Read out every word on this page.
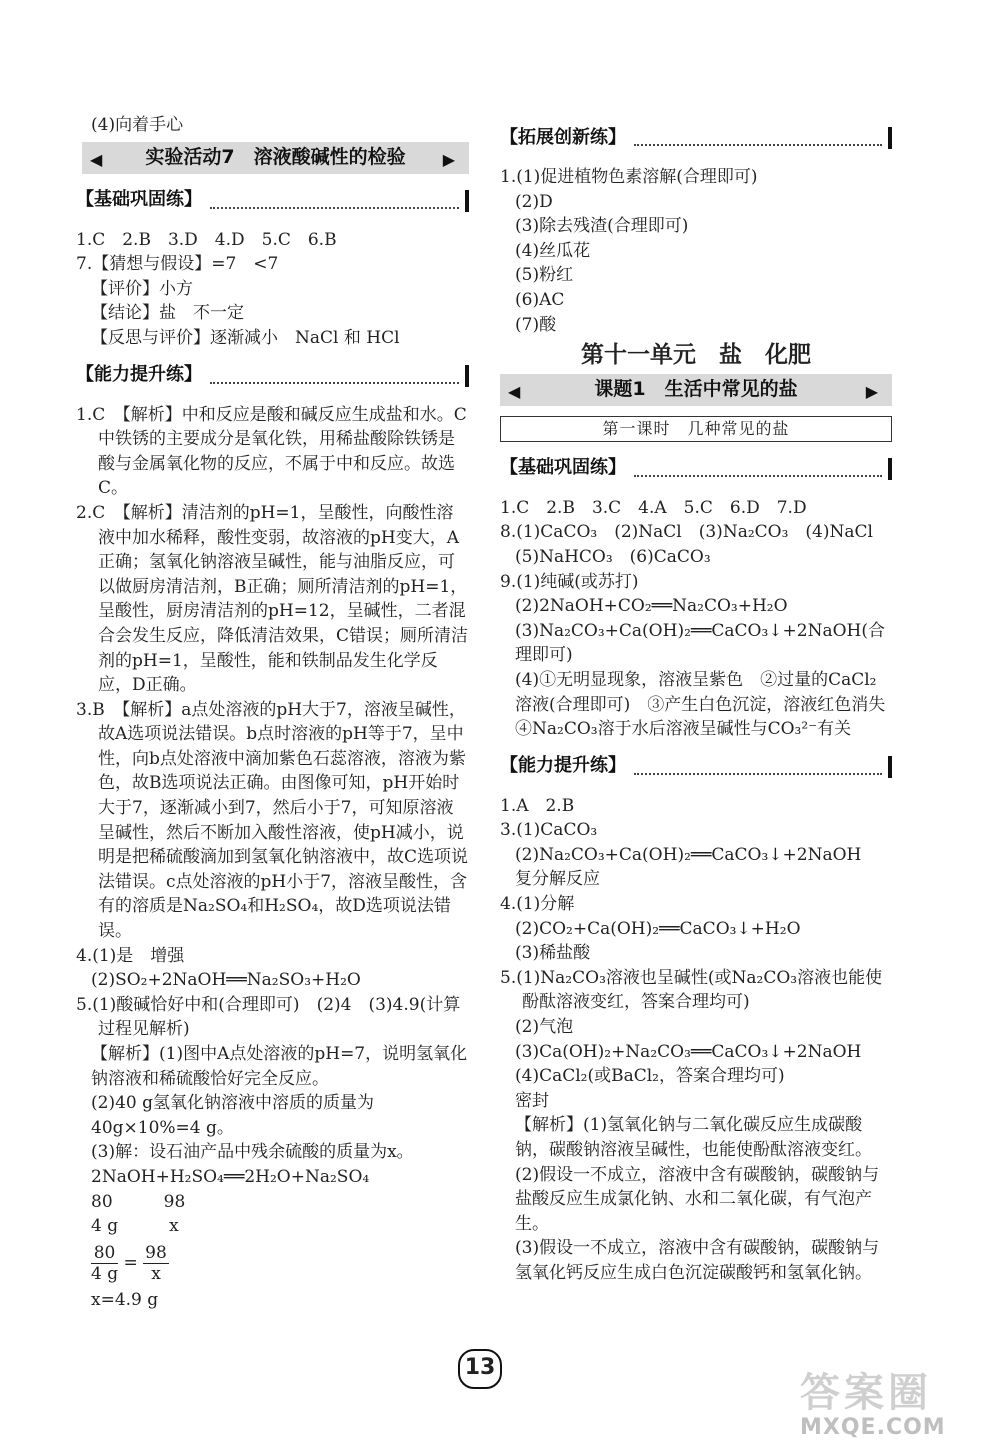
(4)向着手心
◀ 实验活动7　溶液酸碱性的检验 ▶
【基础巩固练】
1.C　2.B　3.D　4.D　5.C　6.B
7.【猜想与假设】=7　<7
【评价】小方
【结论】盐　不一定
【反思与评价】逐渐减小　NaCl 和 HCl
【能力提升练】
1.C　【解析】中和反应是酸和碱反应生成盐和水。C中铁锈的主要成分是氧化铁，用稀盐酸除铁锈是酸与金属氧化物的反应，不属于中和反应。故选C。
2.C　【解析】清洁剂的pH=1，呈酸性，向酸性溶液中加水稀释，酸性变弱，故溶液的pH变大，A正确；氢氧化钠溶液呈碱性，能与油脂反应，可以做厨房清洁剂，B正确；厕所清洁剂的pH=1，呈酸性，厨房清洁剂的pH=12，呈碱性，二者混合会发生反应，降低清洁效果，C错误；厕所清洁剂的pH=1，呈酸性，能和铁制品发生化学反应，D正确。
3.B　【解析】a点处溶液的pH大于7，溶液呈碱性，故A选项说法错误。b点时溶液的pH等于7，呈中性，向b点处溶液中滴加紫色石蕊溶液，溶液为紫色，故B选项说法正确。由图像可知，pH开始时大于7，逐渐减小到7，然后小于7，可知原溶液呈碱性，然后不断加入酸性溶液，使pH减小，说明是把稀硫酸滴加到氢氧化钠溶液中，故C选项说法错误。c点处溶液的pH小于7，溶液呈酸性，含有的溶质是Na₂SO₄和H₂SO₄，故D选项说法错误。
4.(1)是　增强
(2)SO₂+2NaOH══Na₂SO₃+H₂O
5.(1)酸碱恰好中和(合理即可)　(2)4　(3)4.9(计算过程见解析)
【解析】(1)图中A点处溶液的pH=7，说明氢氧化钠溶液和稀硫酸恰好完全反应。
(2)40 g氢氧化钠溶液中溶质的质量为40g×10%=4 g。
(3)解：设石油产品中残余硫酸的质量为x。
2NaOH+H₂SO₄══2H₂O+Na₂SO₄
80　　　98
4 g　　　x
$\frac{80}{4 g} = \frac{98}{x}$
x=4.9 g
【拓展创新练】
1.(1)促进植物色素溶解(合理即可)
(2)D
(3)除去残渣(合理即可)
(4)丝瓜花
(5)粉红
(6)AC
(7)酸
第十一单元　盐　化肥
◀	课题1　生活中常见的盐	▶
第一课时　几种常见的盐
【基础巩固练】
1.C　2.B　3.C　4.A　5.C　6.D　7.D
8.(1)CaCO₃　(2)NaCl　(3)Na₂CO₃　(4)NaCl
(5)NaHCO₃　(6)CaCO₃
9.(1)纯碱(或苏打)
(2)2NaOH+CO₂══Na₂CO₃+H₂O
(3)Na₂CO₃+Ca(OH)₂══CaCO₃↓+2NaOH(合理即可)
(4)①无明显现象，溶液呈紫色　②过量的CaCl₂溶液(合理即可)　③产生白色沉淀，溶液红色消失　④Na₂CO₃溶于水后溶液呈碱性与CO₃²⁻有关
【能力提升练】
1.A　2.B
3.(1)CaCO₃
(2)Na₂CO₃+Ca(OH)₂══CaCO₃↓+2NaOH
复分解反应
4.(1)分解
(2)CO₂+Ca(OH)₂══CaCO₃↓+H₂O
(3)稀盐酸
5.(1)Na₂CO₃溶液也呈碱性(或Na₂CO₃溶液也能使酚酞溶液变红，答案合理均可)
(2)气泡
(3)Ca(OH)₂+Na₂CO₃══CaCO₃↓+2NaOH
(4)CaCl₂(或BaCl₂，答案合理均可)
密封
【解析】(1)氢氧化钠与二氧化碳反应生成碳酸钠，碳酸钠溶液呈碱性，也能使酚酞溶液变红。
(2)假设一不成立，溶液中含有碳酸钠，碳酸钠与盐酸反应生成氯化钠、水和二氧化碳，有气泡产生。
(3)假设一不成立，溶液中含有碳酸钠，碳酸钠与氢氧化钙反应生成白色沉淀碳酸钙和氢氧化钠。
13
答案圈
MXQE.COM
